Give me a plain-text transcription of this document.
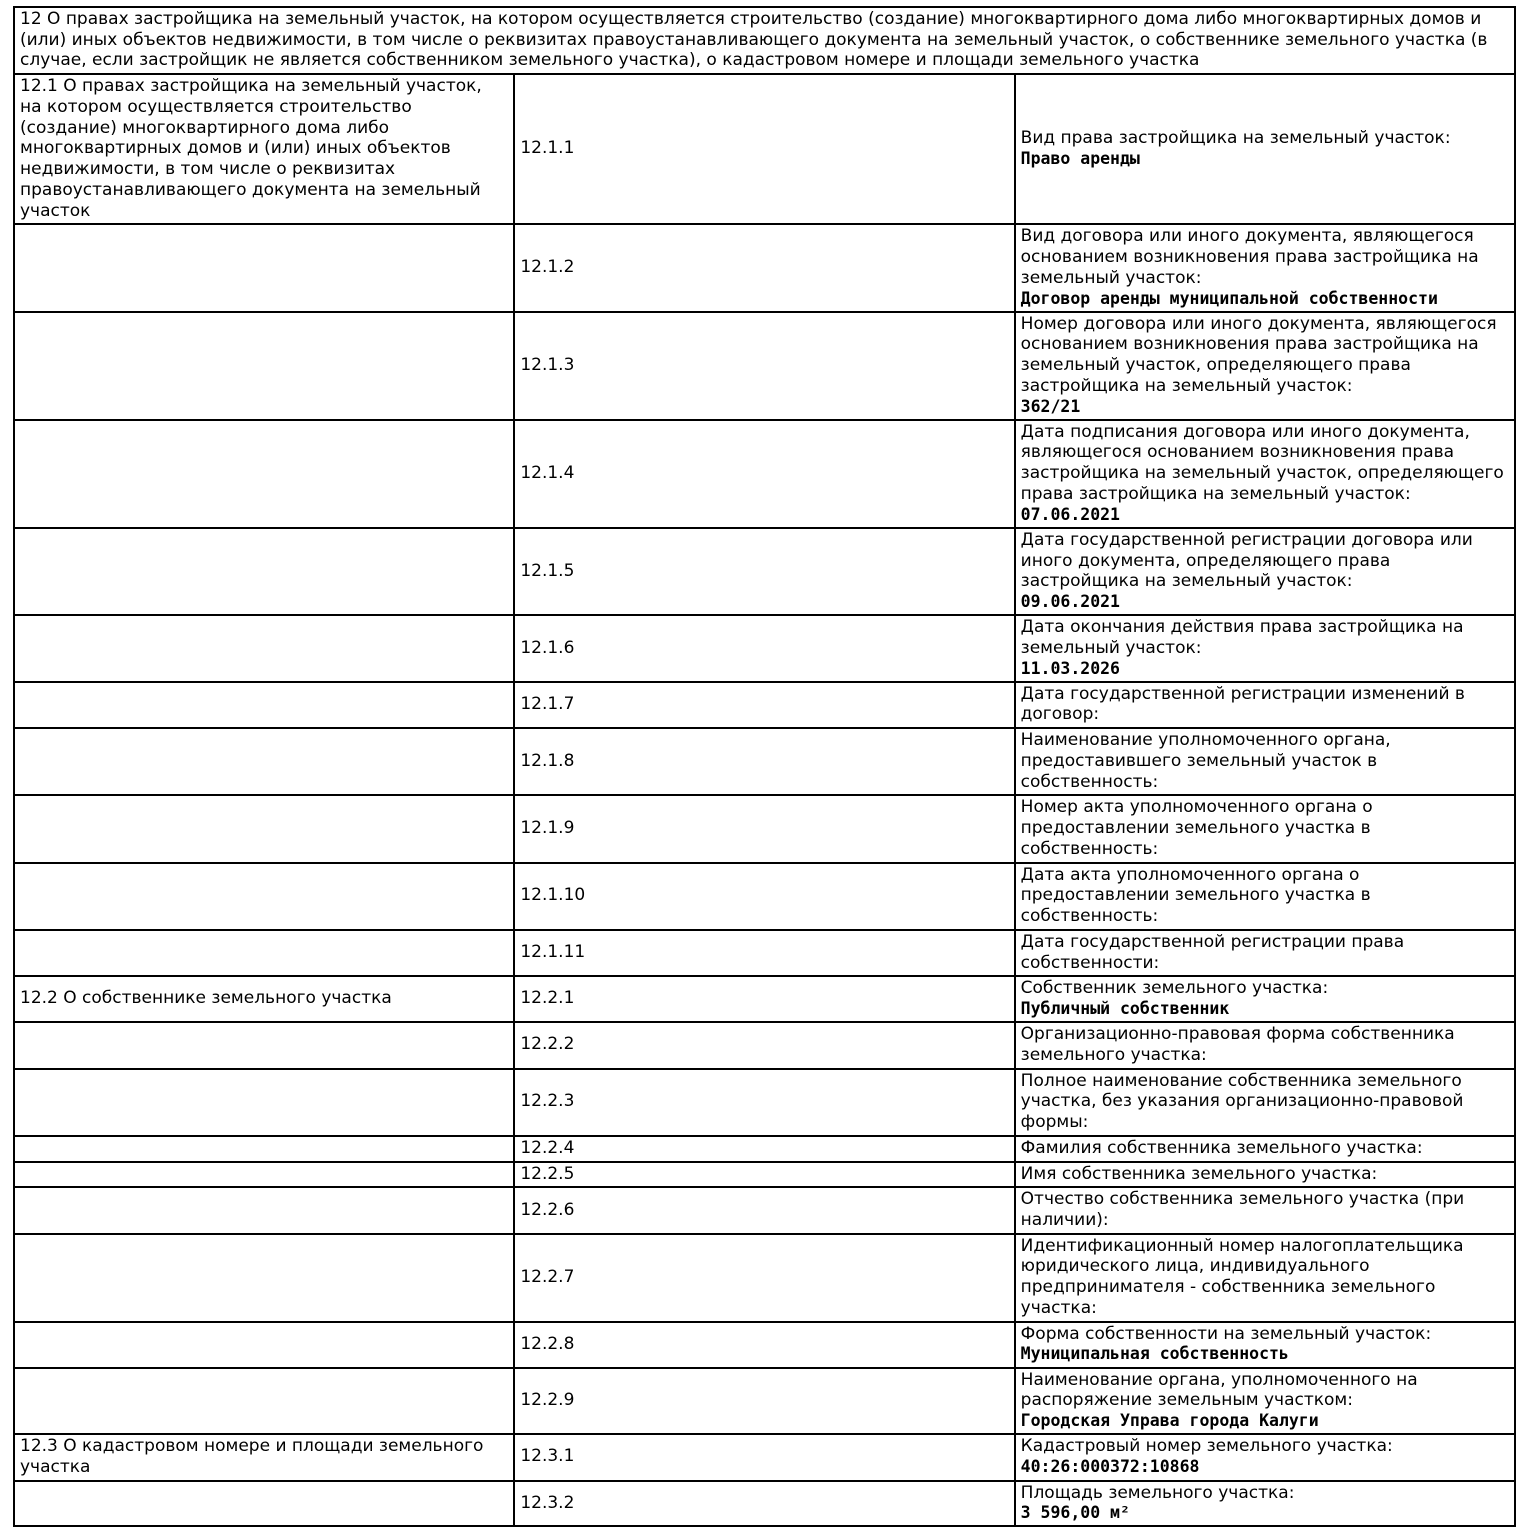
12 О правах застройщика на земельный участок, на котором осуществляется строительство (создание) многоквартирного дома либо многоквартирных домов и (или) иных объектов недвижимости, в том числе о реквизитах правоустанавливающего документа на земельный участок, о собственнике земельного участка (в случае, если застройщик не является собственником земельного участка), о кадастровом номере и площади земельного участка		
12.1 О правах застройщика на земельный участок, на котором осуществляется строительство (создание) многоквартирного дома либо многоквартирных домов и (или) иных объектов недвижимости, в том числе о реквизитах правоустанавливающего документа на земельный участок	12.1.1	Вид права застройщика на земельный участок:
Право аренды

	12.1.2	Вид договора или иного документа, являющегося основанием возникновения права застройщика на земельный участок:
Договор аренды муниципальной собственности

	12.1.3	Номер договора или иного документа, являющегося основанием возникновения права застройщика на земельный участок, определяющего права застройщика на земельный участок:
362/21

	12.1.4	Дата подписания договора или иного документа, являющегося основанием возникновения права застройщика на земельный участок, определяющего права застройщика на земельный участок:
07.06.2021

	12.1.5	Дата государственной регистрации договора или иного документа, определяющего права застройщика на земельный участок:
09.06.2021

	12.1.6	Дата окончания действия права застройщика на земельный участок:
11.03.2026

	12.1.7	Дата государственной регистрации изменений в договор:

	12.1.8	Наименование уполномоченного органа, предоставившего земельный участок в собственность:

	12.1.9	Номер акта уполномоченного органа о предоставлении земельного участка в собственность:

	12.1.10	Дата акта уполномоченного органа о предоставлении земельного участка в собственность:

	12.1.11	Дата государственной регистрации права собственности:

12.2 О собственнике земельного участка	12.2.1	Собственник земельного участка:
Публичный собственник

	12.2.2	Организационно-правовая форма собственника земельного участка:

	12.2.3	Полное наименование собственника земельного участка, без указания организационно-правовой формы:

	12.2.4	Фамилия собственника земельного участка:

	12.2.5	Имя собственника земельного участка:

	12.2.6	Отчество собственника земельного участка (при наличии):

	12.2.7	Идентификационный номер налогоплательщика юридического лица, индивидуального предпринимателя - собственника земельного участка:

	12.2.8	Форма собственности на земельный участок:
Муниципальная собственность

	12.2.9	Наименование органа, уполномоченного на распоряжение земельным участком:
Городская Управа города Калуги

12.3 О кадастровом номере и площади земельного участка	12.3.1	Кадастровый номер земельного участка:
40:26:000372:10868

	12.3.2	Площадь земельного участка:
3 596,00 м²
